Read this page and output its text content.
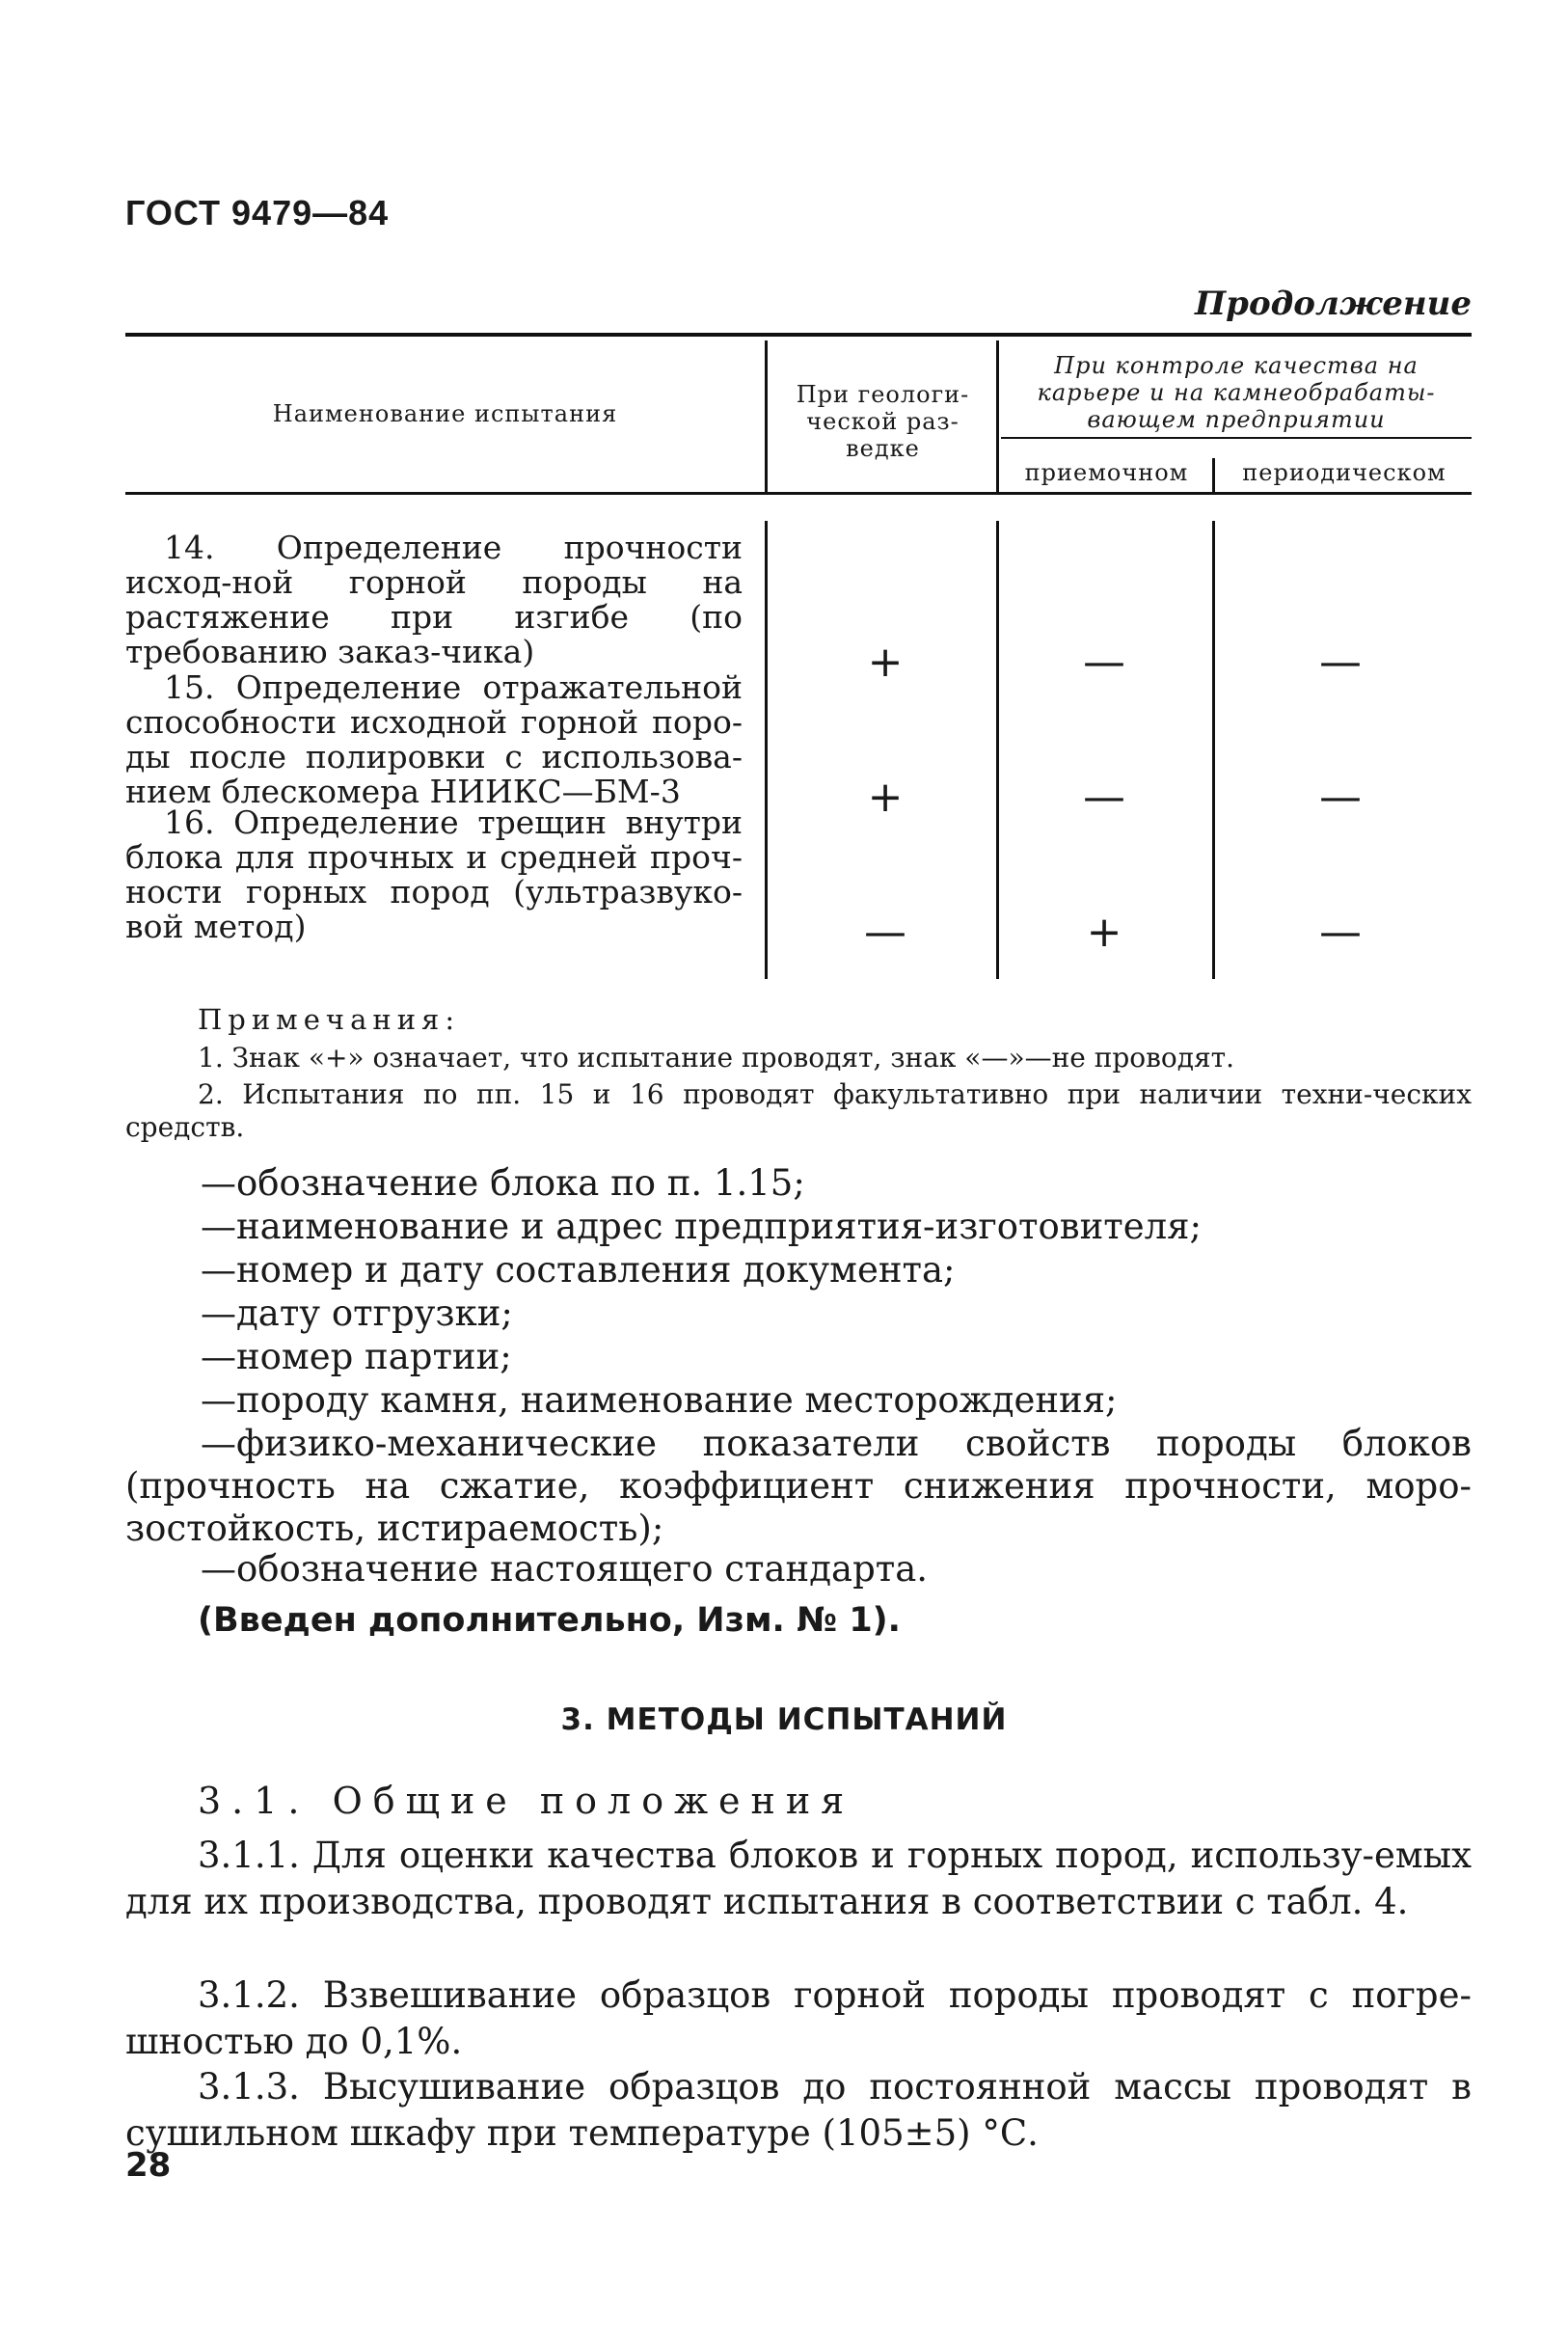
ГОСТ 9479—84
Продолжение
Наименование испытания
При геологи-
ческой раз-
ведке
При контроле качества на
карьере и на камнеобрабаты-
вающем предприятии
приемочном	периодическом
14. Определение прочности исход-ной горной породы на растяжение при изгибе (по требованию заказ-чика)	+	—	—
15. Определение отражательной способности исходной горной поро-ды после полировки с использова-нием блескомера НИИКС—БМ-3	+	—	—
16. Определение трещин внутри блока для прочных и средней проч-ности горных пород (ультразвуко-вой метод)	—	+	—
Примечания:
1. Знак «+» означает, что испытание проводят, знак «—»—не проводят.
2. Испытания по пп. 15 и 16 проводят факультативно при наличии техни-ческих средств.
—обозначение блока по п. 1.15;
—наименование и адрес предприятия-изготовителя;
—номер и дату составления документа;
—дату отгрузки;
—номер партии;
—породу камня, наименование месторождения;
—физико-механические показатели свойств породы блоков (прочность на сжатие, коэффициент снижения прочности, моро-зостойкость, истираемость);
—обозначение настоящего стандарта.
(Введен дополнительно, Изм. № 1).
3. МЕТОДЫ ИСПЫТАНИЙ
3.1. Общие положения
3.1.1. Для оценки качества блоков и горных пород, использу-емых для их производства, проводят испытания в соответствии с табл. 4.
3.1.2. Взвешивание образцов горной породы проводят с погре-шностью до 0,1%.
3.1.3. Высушивание образцов до постоянной массы проводят в сушильном шкафу при температуре (105±5) °С.
28
